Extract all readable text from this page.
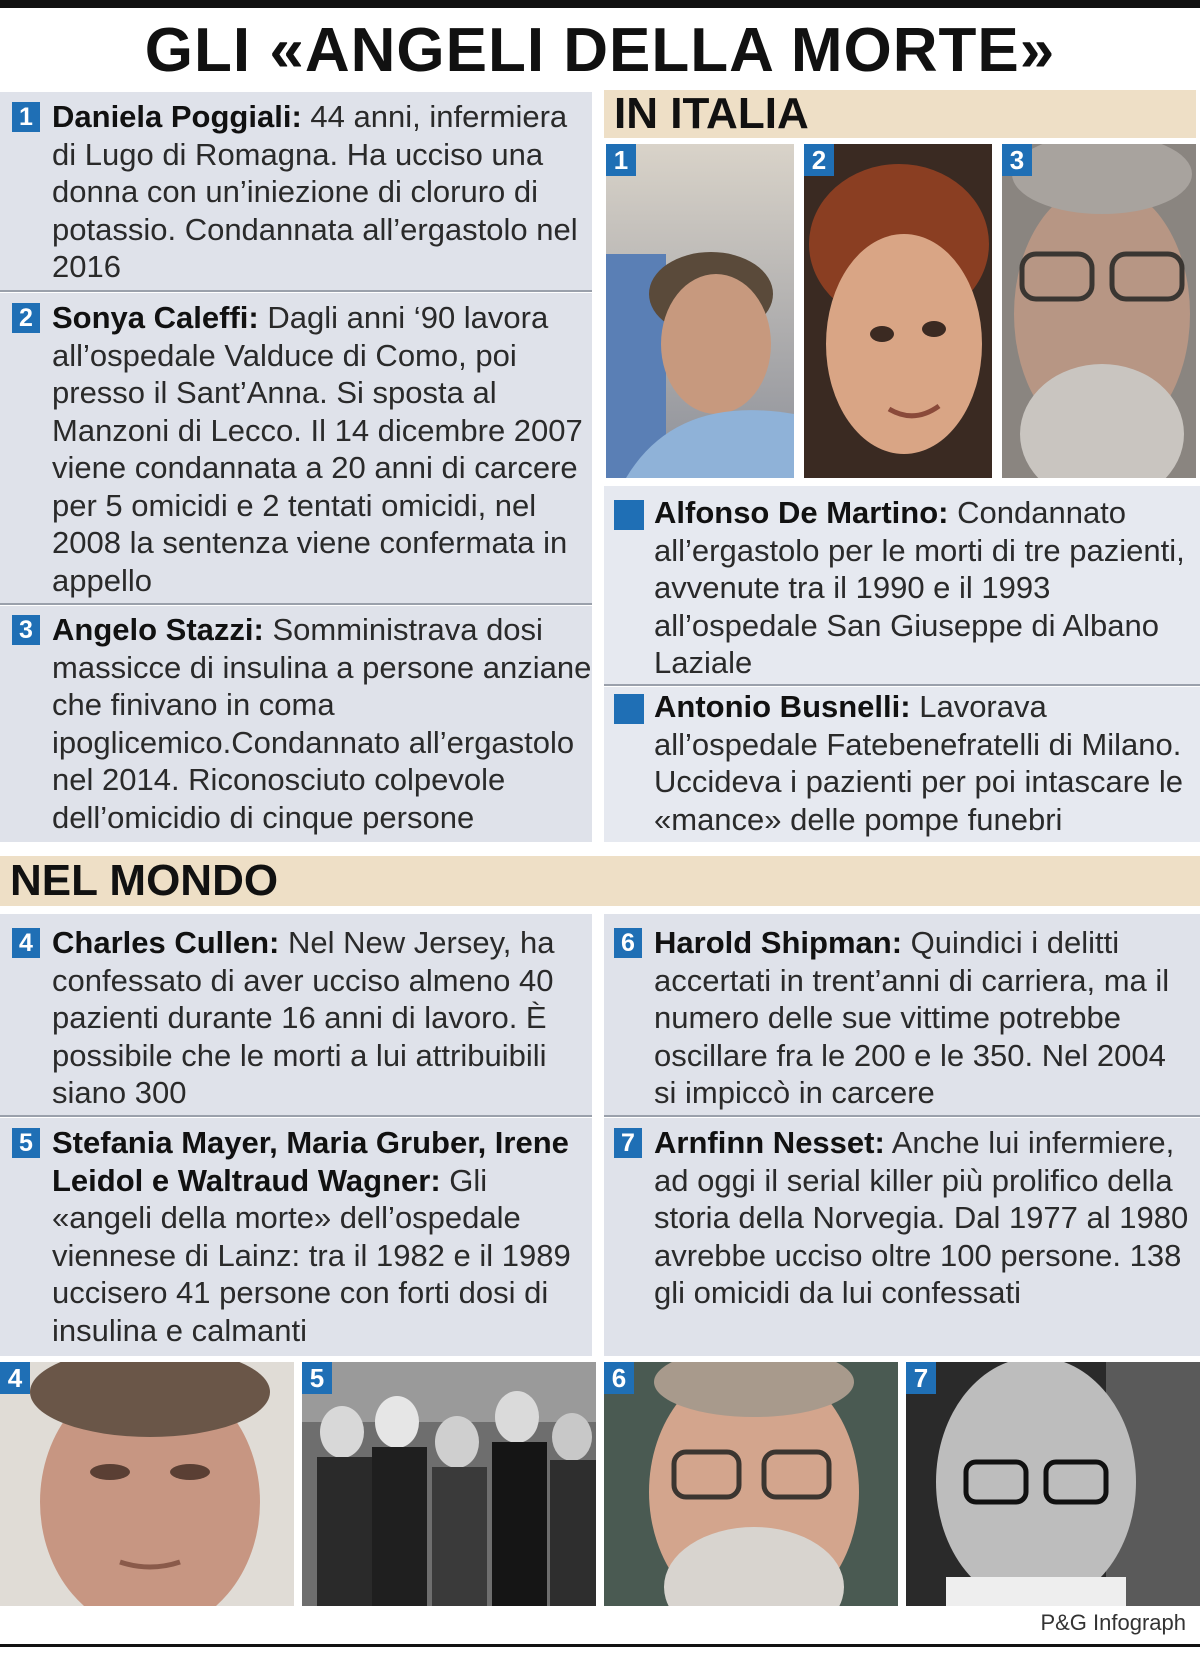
GLI «ANGELI DELLA MORTE»
1 Daniela Poggiali: 44 anni, infermiera di Lugo di Romagna. Ha ucciso una donna con un’iniezione di cloruro di potassio. Condannata all’ergastolo nel 2016
2 Sonya Caleffi: Dagli anni ‘90 lavora all’ospedale Valduce di Como, poi presso il Sant’Anna. Si sposta al Manzoni di Lecco. Il 14 dicembre 2007 viene condannata a 20 anni di carcere per 5 omicidi e 2 tentati omicidi, nel 2008 la sentenza viene confermata in appello
3 Angelo Stazzi: Somministrava dosi massicce di insulina a persone anziane che finivano in coma ipoglicemico.Condannato all’ergastolo nel 2014. Riconosciuto colpevole dell’omicidio di cinque persone
IN ITALIA
1	2	3
Alfonso De Martino: Condannato all’ergastolo per le morti di tre pazienti, avvenute tra il 1990 e il 1993 all’ospedale San Giuseppe di Albano Laziale
Antonio Busnelli: Lavorava all’ospedale Fatebenefratelli di Milano. Uccideva i pazienti per poi intascare le «mance» delle pompe funebri
NEL MONDO
4 Charles Cullen: Nel New Jersey, ha confessato di aver ucciso almeno 40 pazienti durante 16 anni di lavoro. È possibile che le morti a lui attribuibili siano 300
5 Stefania Mayer, Maria Gruber, Irene Leidol e Waltraud Wagner: Gli «angeli della morte» dell’ospedale viennese di Lainz: tra il 1982 e il 1989 uccisero 41 persone con forti dosi di insulina e calmanti
6 Harold Shipman: Quindici i delitti accertati in trent’anni di carriera, ma il numero delle sue vittime potrebbe oscillare fra le 200 e le 350. Nel 2004 si impiccò in carcere
7 Arnfinn Nesset: Anche lui infermiere, ad oggi il serial killer più prolifico della storia della Norvegia. Dal 1977 al 1980 avrebbe ucciso oltre 100 persone. 138 gli omicidi da lui confessati
4	5	6	7
P&G Infograph
